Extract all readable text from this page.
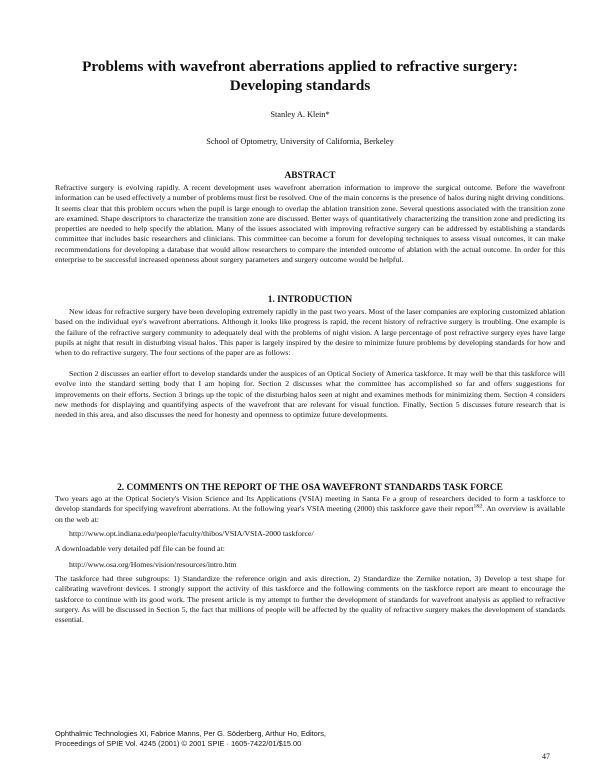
Problems with wavefront aberrations applied to refractive surgery:
Developing standards
Stanley A. Klein*
School of Optometry, University of California, Berkeley
ABSTRACT

Refractive surgery is evolving rapidly. A recent development uses wavefront aberration information to improve the surgical outcome. Before the wavefront information can be used effectively a number of problems must first be resolved. One of the main concerns is the presence of halos during night driving conditions. It seems clear that this problem occurs when the pupil is large enough to overlap the ablation transition zone. Several questions associated with the transition zone are examined. Shape descriptors to characterize the transition zone are discussed. Better ways of quantitatively characterizing the transition zone and predicting its properties are needed to help specify the ablation. Many of the issues associated with improving refractive surgery can be addressed by establishing a standards committee that includes basic researchers and clinicians. This committee can become a forum for developing techniques to assess visual outcomes, it can make recommendations for developing a database that would allow researchers to compare the intended outcome of ablation with the actual outcome. In order for this enterprise to be successful increased openness about surgery parameters and surgery outcome would be helpful.

1. INTRODUCTION

New ideas for refractive surgery have been developing extremely rapidly in the past two years. Most of the laser companies are exploring customized ablation based on the individual eye's wavefront aberrations. Although it looks like progress is rapid, the recent history of refractive surgery is troubling. One example is the failure of the refractive surgery community to adequately deal with the problems of night vision. A large percentage of post refractive surgery eyes have large pupils at night that result in disturbing visual halos. This paper is largely inspired by the desire to minimize future problems by developing standards for how and when to do refractive surgery. The four sections of the paper are as follows:

Section 2 discusses an earlier effort to develop standards under the auspices of an Optical Society of America taskforce. It may well be that this taskforce will evolve into the standard setting body that I am hoping for. Section 2 discusses what the committee has accomplished so far and offers suggestions for improvements on their efforts. Section 3 brings up the topic of the disturbing halos seen at night and examines methods for minimizing them. Section 4 considers new methods for displaying and quantifying aspects of the wavefront that are relevant for visual function. Finally, Section 5 discusses future research that is needed in this area, and also discusses the need for honesty and openness to optimize future developments.

2. COMMENTS ON THE REPORT OF THE OSA WAVEFRONT STANDARDS TASK FORCE

Two years ago at the Optical Society's Vision Science and Its Applications (VSIA) meeting in Santa Fe a group of researchers decided to form a taskforce to develop standards for specifying wavefront aberrations. At the following year's VSIA meeting (2000) this taskforce gave their report$^{1\&2}$. An overview is available on the web at:

http://www.opt.indiana.edu/people/faculty/thibos/VSIA/VSIA-2000 taskforce/
A downloadable very detailed pdf file can be found at:
http://www.osa.org/Homes/vision/resources/intro.htm

The taskforce had three subgroups: 1) Standardize the reference origin and axis direction, 2) Standardize the Zernike notation, 3) Develop a test shape for calibrating wavefront devices. I strongly support the activity of this taskforce and the following comments on the taskforce report are meant to encourage the taskforce to continue with its good work. The present article is my attempt to further the development of standards for wavefront analysis as applied to refractive surgery. As will be discussed in Section 5, the fact that millions of people will be affected by the quality of refractive surgery makes the development of standards essential.

Ophthalmic Technologies XI, Fabrice Manns, Per G. Söderberg, Arthur Ho, Editors,
Proceedings of SPIE Vol. 4245 (2001) © 2001 SPIE · 1605-7422/01/$15.00
47
